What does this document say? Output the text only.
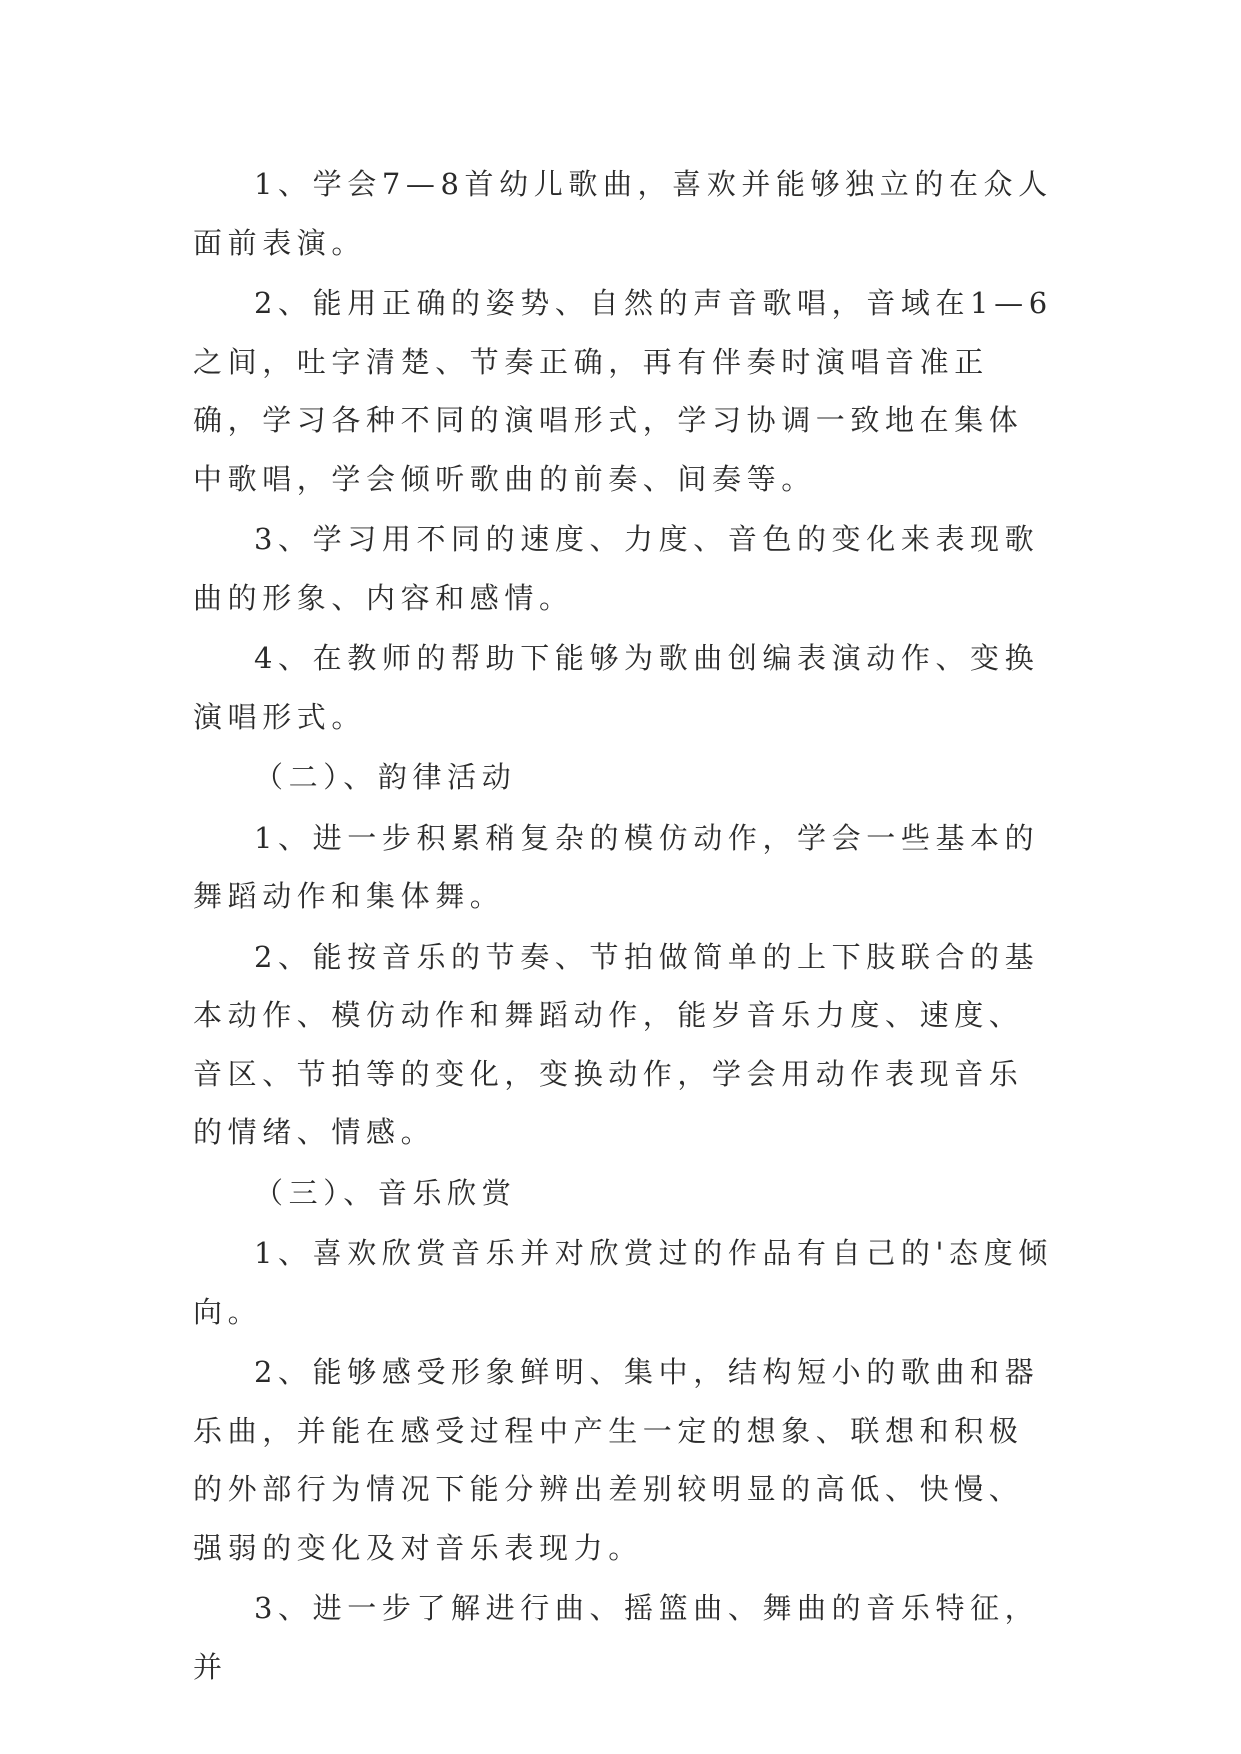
1、学会7—8首幼儿歌曲，喜欢并能够独立的在众人面前表演。

2、能用正确的姿势、自然的声音歌唱，音域在1—6之间，吐字清楚、节奏正确，再有伴奏时演唱音准正确，学习各种不同的演唱形式，学习协调一致地在集体中歌唱，学会倾听歌曲的前奏、间奏等。

3、学习用不同的速度、力度、音色的变化来表现歌曲的形象、内容和感情。

4、在教师的帮助下能够为歌曲创编表演动作、变换演唱形式。

（二）、韵律活动

1、进一步积累稍复杂的模仿动作，学会一些基本的舞蹈动作和集体舞。

2、能按音乐的节奏、节拍做简单的上下肢联合的基本动作、模仿动作和舞蹈动作，能岁音乐力度、速度、音区、节拍等的变化，变换动作，学会用动作表现音乐的情绪、情感。

（三）、音乐欣赏

1、喜欢欣赏音乐并对欣赏过的作品有自己的'态度倾向。

2、能够感受形象鲜明、集中，结构短小的歌曲和器乐曲，并能在感受过程中产生一定的想象、联想和积极的外部行为情况下能分辨出差别较明显的高低、快慢、强弱的变化及对音乐表现力。

3、进一步了解进行曲、摇篮曲、舞曲的音乐特征，并
